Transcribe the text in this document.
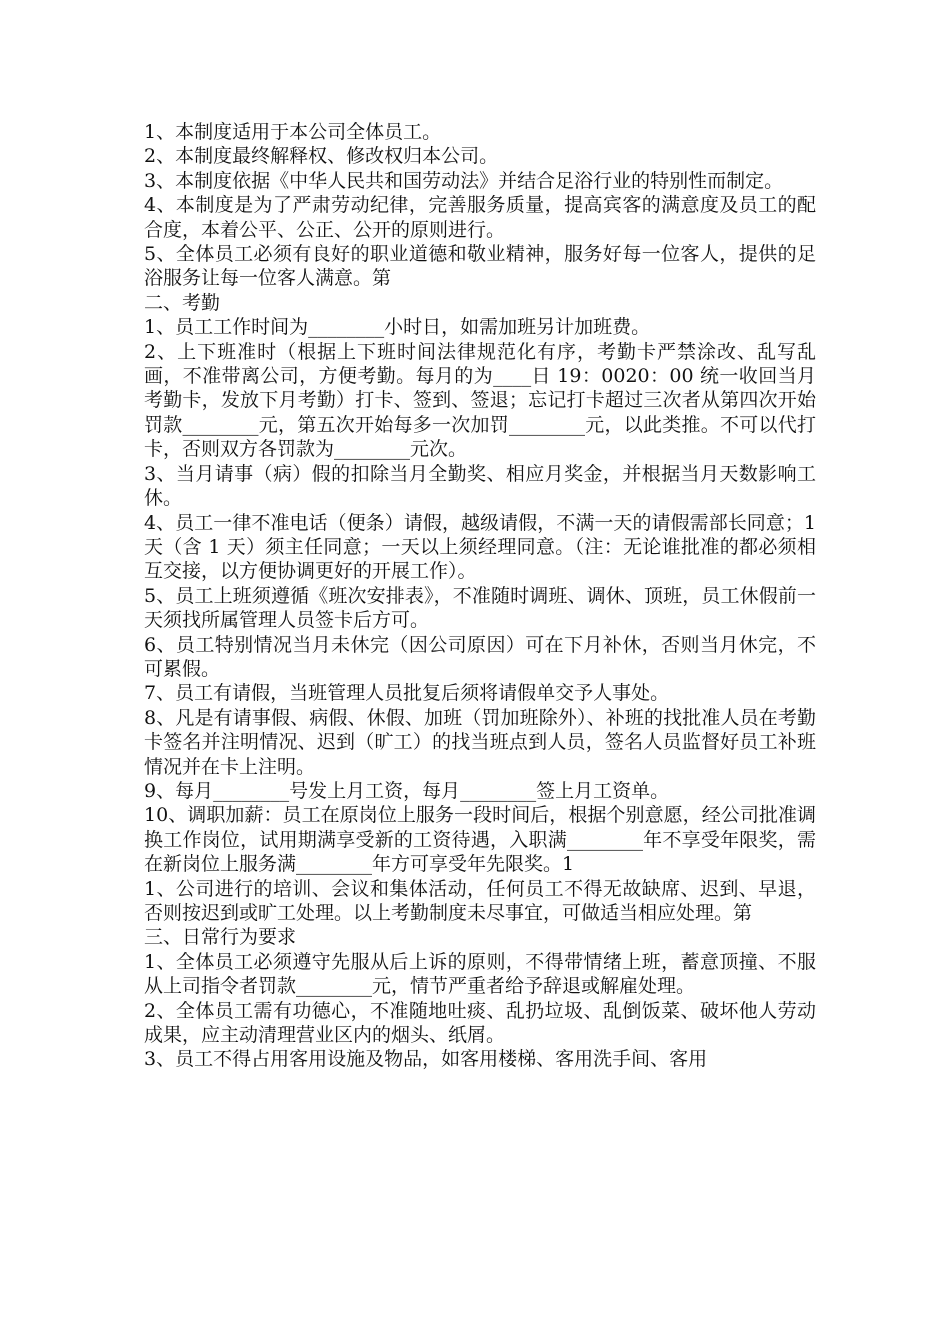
1、本制度适用于本公司全体员工。

2、本制度最终解释权、修改权归本公司。

3、本制度依据《中华人民共和国劳动法》并结合足浴行业的特别性而制定。

4、本制度是为了严肃劳动纪律，完善服务质量，提高宾客的满意度及员工的配合度，本着公平、公正、公开的原则进行。

5、全体员工必须有良好的职业道德和敬业精神，服务好每一位客人，提供的足浴服务让每一位客人满意。第

二、考勤

1、员工工作时间为________小时日，如需加班另计加班费。

2、上下班准时（根据上下班时间法律规范化有序，考勤卡严禁涂改、乱写乱画，不准带离公司，方便考勤。每月的为____日 19：0020：00 统一收回当月考勤卡，发放下月考勤）打卡、签到、签退；忘记打卡超过三次者从第四次开始罚款________元，第五次开始每多一次加罚________元，以此类推。不可以代打卡，否则双方各罚款为________元次。

3、当月请事（病）假的扣除当月全勤奖、相应月奖金，并根据当月天数影响工休。

4、员工一律不准电话（便条）请假，越级请假，不满一天的请假需部长同意；1 天（含 1 天）须主任同意；一天以上须经理同意。（注：无论谁批准的都必须相互交接，以方便协调更好的开展工作）。

5、员工上班须遵循《班次安排表》，不准随时调班、调休、顶班，员工休假前一天须找所属管理人员签卡后方可。

6、员工特别情况当月未休完（因公司原因）可在下月补休，否则当月休完，不可累假。

7、员工有请假，当班管理人员批复后须将请假单交予人事处。

8、凡是有请事假、病假、休假、加班（罚加班除外）、补班的找批准人员在考勤卡签名并注明情况、迟到（旷工）的找当班点到人员，签名人员监督好员工补班情况并在卡上注明。

9、每月________号发上月工资，每月________签上月工资单。

10、调职加薪：员工在原岗位上服务一段时间后，根据个别意愿，经公司批准调换工作岗位，试用期满享受新的工资待遇，入职满________年不享受年限奖，需在新岗位上服务满________年方可享受年先限奖。1

1、公司进行的培训、会议和集体活动，任何员工不得无故缺席、迟到、早退，否则按迟到或旷工处理。以上考勤制度未尽事宜，可做适当相应处理。第

三、日常行为要求

1、全体员工必须遵守先服从后上诉的原则，不得带情绪上班，蓄意顶撞、不服从上司指令者罚款________元，情节严重者给予辞退或解雇处理。

2、全体员工需有功德心，不准随地吐痰、乱扔垃圾、乱倒饭菜、破坏他人劳动成果，应主动清理营业区内的烟头、纸屑。

3、员工不得占用客用设施及物品，如客用楼梯、客用洗手间、客用
